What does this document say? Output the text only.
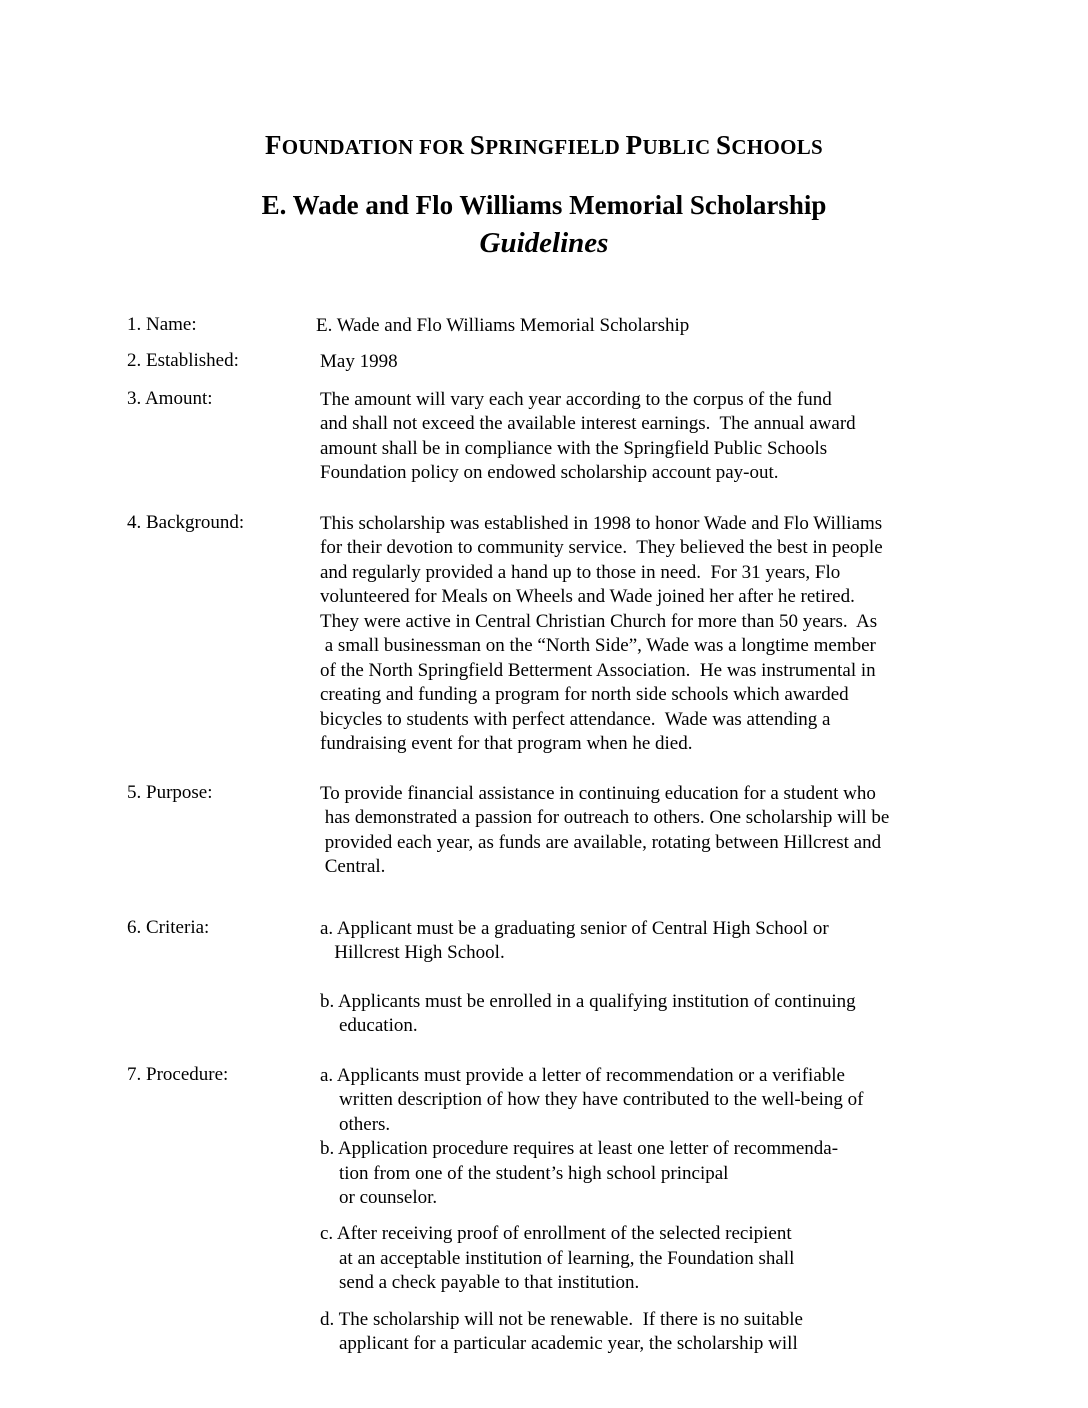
FOUNDATION FOR SPRINGFIELD PUBLIC SCHOOLS
E. Wade and Flo Williams Memorial Scholarship
Guidelines
1. Name:	E. Wade and Flo Williams Memorial Scholarship
2. Established:	May 1998
3. Amount:	The amount will vary each year according to the corpus of the fund
and shall not exceed the available interest earnings.  The annual award
amount shall be in compliance with the Springfield Public Schools
Foundation policy on endowed scholarship account pay-out.
4. Background:	This scholarship was established in 1998 to honor Wade and Flo Williams
for their devotion to community service.  They believed the best in people
and regularly provided a hand up to those in need.  For 31 years, Flo
volunteered for Meals on Wheels and Wade joined her after he retired.
They were active in Central Christian Church for more than 50 years.  As
a small businessman on the “North Side”, Wade was a longtime member
of the North Springfield Betterment Association.  He was instrumental in
creating and funding a program for north side schools which awarded
bicycles to students with perfect attendance.  Wade was attending a
fundraising event for that program when he died.
5. Purpose:	To provide financial assistance in continuing education for a student who
has demonstrated a passion for outreach to others. One scholarship will be
provided each year, as funds are available, rotating between Hillcrest and
Central.
6. Criteria:	a. Applicant must be a graduating senior of Central High School or
Hillcrest High School.
b. Applicants must be enrolled in a qualifying institution of continuing
education.
7. Procedure:	a. Applicants must provide a letter of recommendation or a verifiable
written description of how they have contributed to the well-being of
others.
b. Application procedure requires at least one letter of recommenda-
tion from one of the student’s high school principal
or counselor.
c. After receiving proof of enrollment of the selected recipient
at an acceptable institution of learning, the Foundation shall
send a check payable to that institution.
d. The scholarship will not be renewable.  If there is no suitable
applicant for a particular academic year, the scholarship will
